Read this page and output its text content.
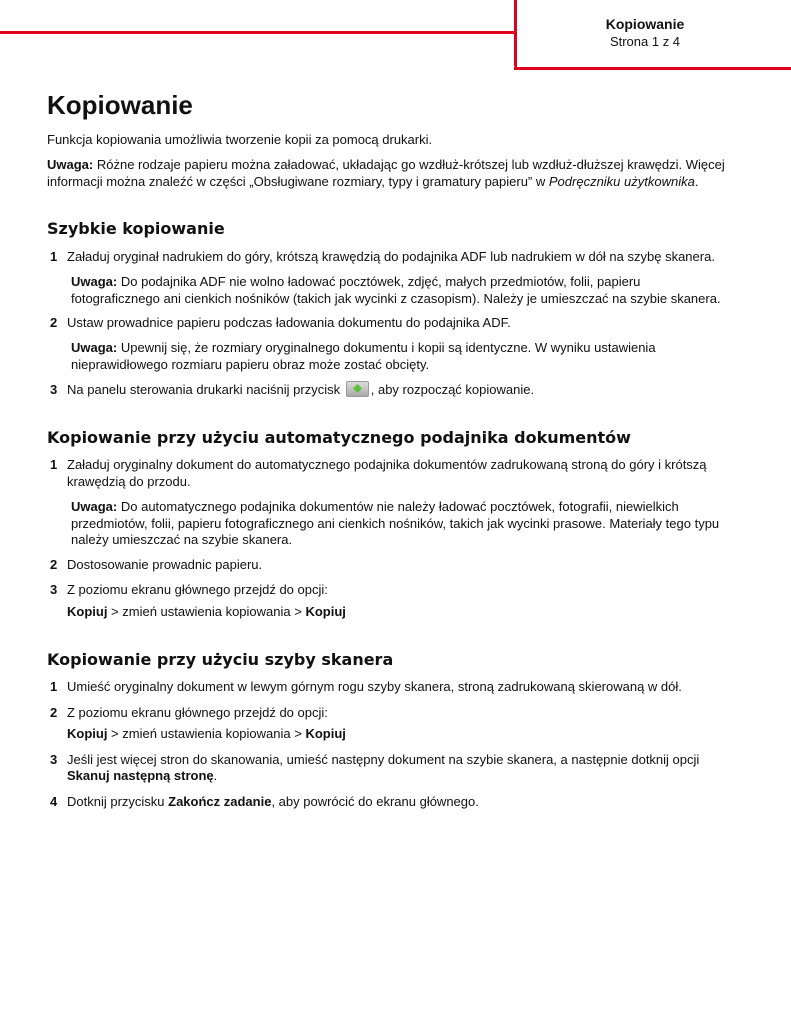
Kopiowanie
Strona 1 z 4
Kopiowanie
Funkcja kopiowania umożliwia tworzenie kopii za pomocą drukarki.
Uwaga: Różne rodzaje papieru można załadować, układając go wzdłuż-krótszej lub wzdłuż-dłuższej krawędzi. Więcej
informacji można znaleźć w części „Obsługiwane rozmiary, typy i gramatury papieru” w Podręczniku użytkownika.
Szybkie kopiowanie
1 Załaduj oryginał nadrukiem do góry, krótszą krawędzią do podajnika ADF lub nadrukiem w dół na szybę skanera.
Uwaga: Do podajnika ADF nie wolno ładować pocztówek, zdjęć, małych przedmiotów, folii, papieru
fotograficznego ani cienkich nośników (takich jak wycinki z czasopism). Należy je umieszczać na szybie skanera.
2 Ustaw prowadnice papieru podczas ładowania dokumentu do podajnika ADF.
Uwaga: Upewnij się, że rozmiary oryginalnego dokumentu i kopii są identyczne. W wyniku ustawienia
nieprawidłowego rozmiaru papieru obraz może zostać obcięty.
3 Na panelu sterowania drukarki naciśnij przycisk , aby rozpocząć kopiowanie.
Kopiowanie przy użyciu automatycznego podajnika dokumentów
1 Załaduj oryginalny dokument do automatycznego podajnika dokumentów zadrukowaną stroną do góry i krótszą
krawędzią do przodu.
Uwaga: Do automatycznego podajnika dokumentów nie należy ładować pocztówek, fotografii, niewielkich
przedmiotów, folii, papieru fotograficznego ani cienkich nośników, takich jak wycinki prasowe. Materiały tego typu
należy umieszczać na szybie skanera.
2 Dostosowanie prowadnic papieru.
3 Z poziomu ekranu głównego przejdź do opcji:
Kopiuj > zmień ustawienia kopiowania > Kopiuj
Kopiowanie przy użyciu szyby skanera
1 Umieść oryginalny dokument w lewym górnym rogu szyby skanera, stroną zadrukowaną skierowaną w dół.
2 Z poziomu ekranu głównego przejdź do opcji:
Kopiuj > zmień ustawienia kopiowania > Kopiuj
3 Jeśli jest więcej stron do skanowania, umieść następny dokument na szybie skanera, a następnie dotknij opcji
Skanuj następną stronę.
4 Dotknij przycisku Zakończ zadanie, aby powrócić do ekranu głównego.
